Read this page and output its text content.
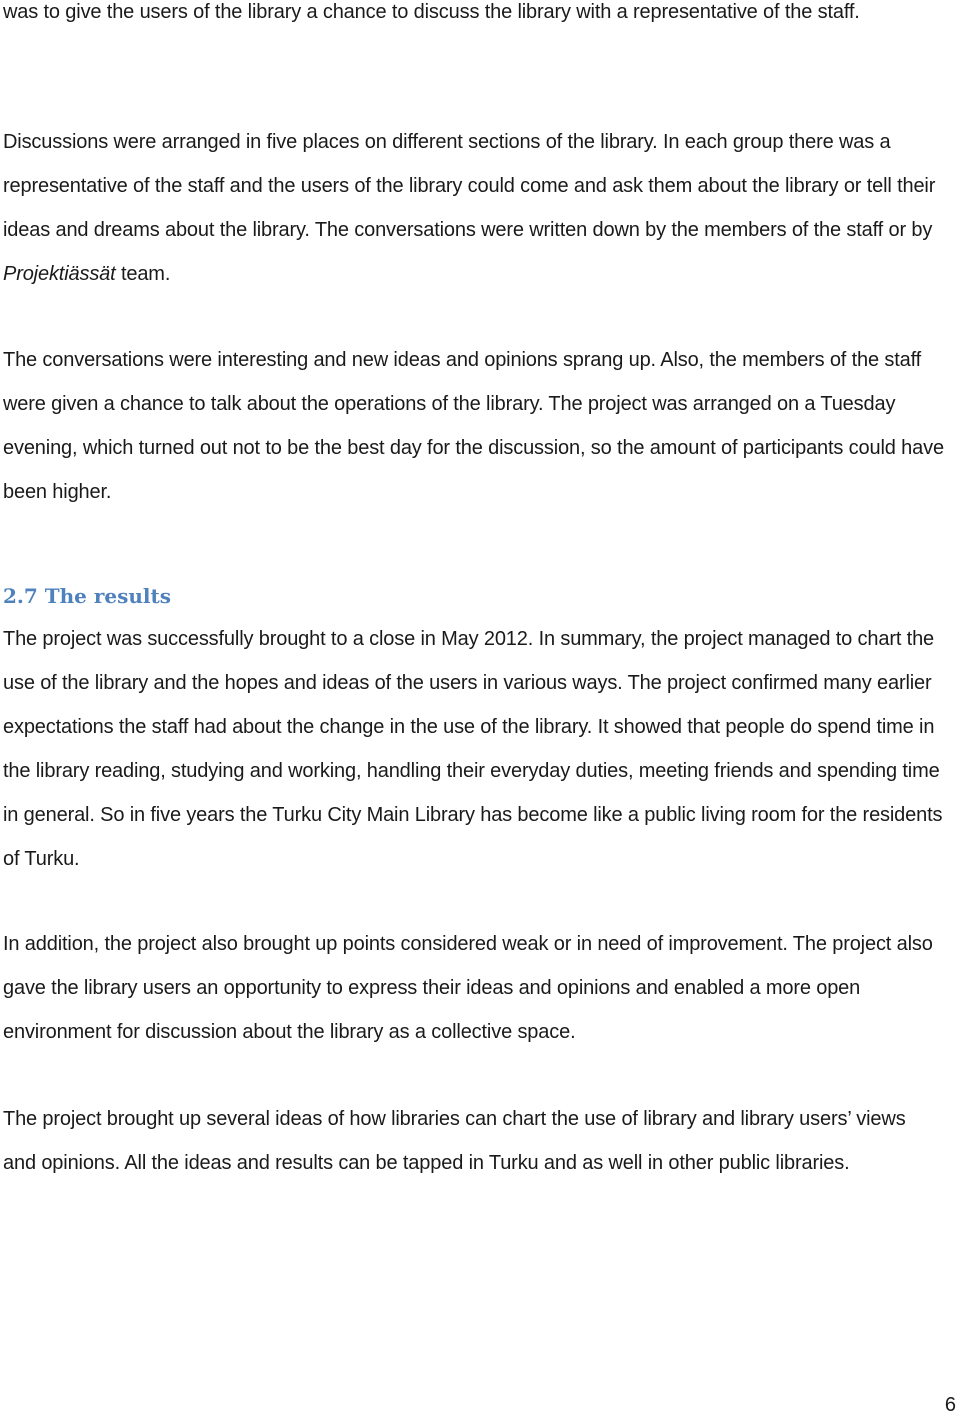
was to give the users of the library a chance to discuss the library with a representative of the staff.

Discussions were arranged in five places on different sections of the library. In each group there was a representative of the staff and the users of the library could come and ask them about the library or tell their ideas and dreams about the library. The conversations were written down by the members of the staff or by Projektiässät team.

The conversations were interesting and new ideas and opinions sprang up. Also, the members of the staff were given a chance to talk about the operations of the library. The project was arranged on a Tuesday evening, which turned out not to be the best day for the discussion, so the amount of participants could have been higher.

2.7 The results

The project was successfully brought to a close in May 2012. In summary, the project managed to chart the use of the library and the hopes and ideas of the users in various ways. The project confirmed many earlier expectations the staff had about the change in the use of the library. It showed that people do spend time in the library reading, studying and working, handling their everyday duties, meeting friends and spending time in general. So in five years the Turku City Main Library has become like a public living room for the residents of Turku.

In addition, the project also brought up points considered weak or in need of improvement. The project also gave the library users an opportunity to express their ideas and opinions and enabled a more open environment for discussion about the library as a collective space.

The project brought up several ideas of how libraries can chart the use of library and library users’ views and opinions. All the ideas and results can be tapped in Turku and as well in other public libraries.

6
